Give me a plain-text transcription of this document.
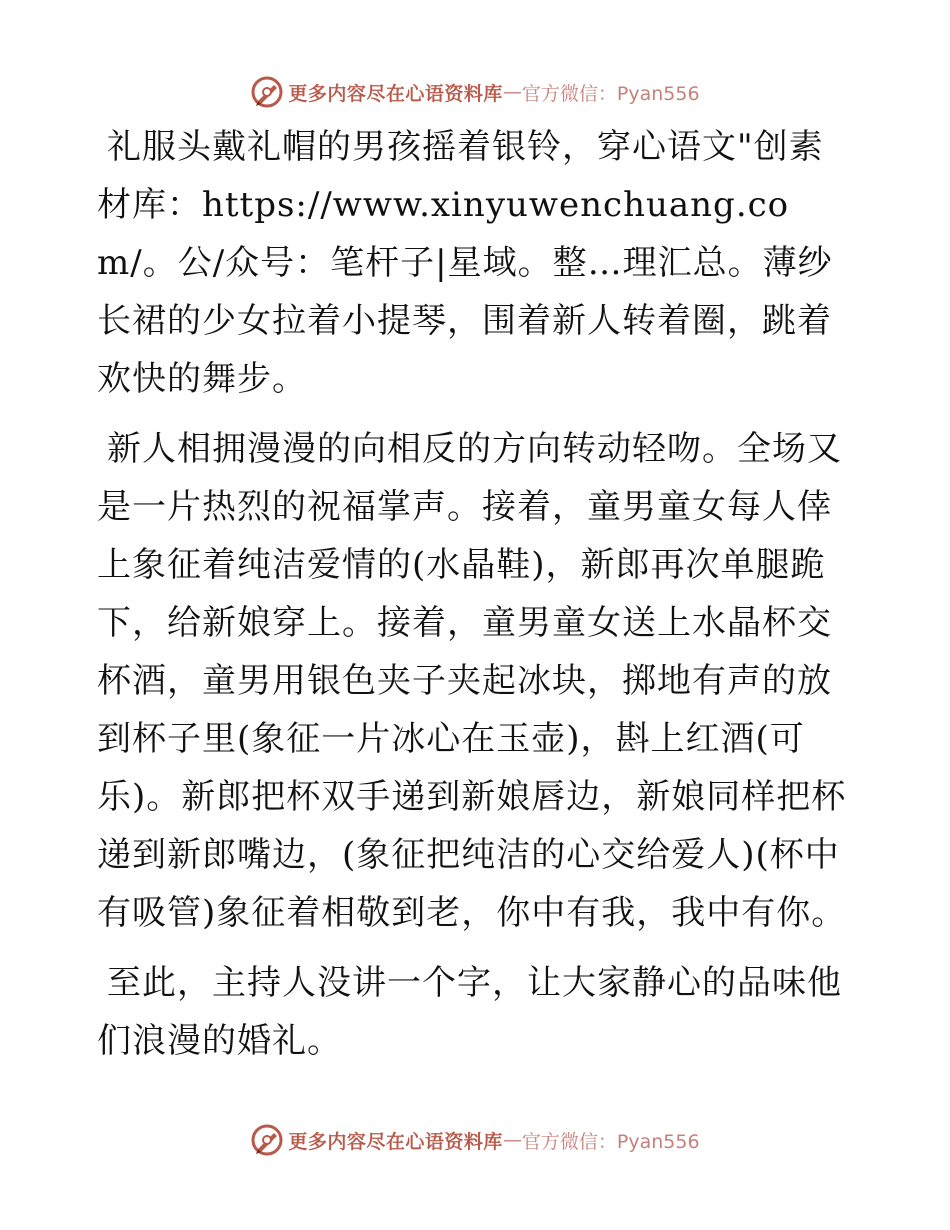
更多内容尽在心语资料库 — 官方微信：Pyan556

礼服头戴礼帽的男孩摇着银铃，穿心语文"创素材库：https://www.xinyuwenchuang.com/。公/众号：笔杆子|星域。整…理汇总。薄纱长裙的少女拉着小提琴，围着新人转着圈，跳着欢快的舞步。

新人相拥漫漫的向相反的方向转动轻吻。全场又是一片热烈的祝福掌声。接着，童男童女每人倖上象征着纯洁爱情的(水晶鞋)，新郎再次单腿跪下，给新娘穿上。接着，童男童女送上水晶杯交杯酒，童男用银色夹子夹起冰块，掷地有声的放到杯子里(象征一片冰心在玉壶)，斟上红酒(可乐)。新郎把杯双手递到新娘唇边，新娘同样把杯递到新郎嘴边，(象征把纯洁的心交给爱人)(杯中有吸管)象征着相敬到老，你中有我，我中有你。

至此，主持人没讲一个字，让大家静心的品味他们浪漫的婚礼。

更多内容尽在心语资料库 — 官方微信：Pyan556
